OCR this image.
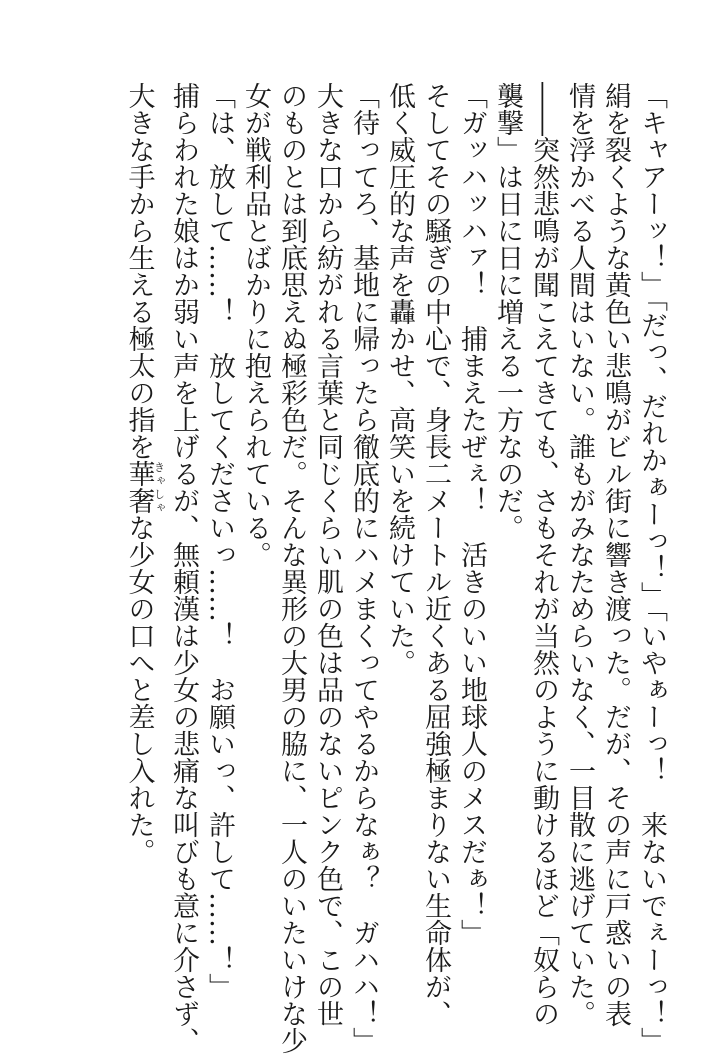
「キャアーッ！」「だっ、だれかぁーっ！」「いやぁーっ！　来ないでぇーっ！」
絹を裂くような黄色い悲鳴がビル街に響き渡った。だが、その声に戸惑いの表
情を浮かべる人間はいない。誰もがみなためらいなく、一目散に逃げていた。
――突然悲鳴が聞こえてきても、さもそれが当然のように動けるほど「奴らの
襲撃」は日に日に増える一方なのだ。
「ガッハッハァ！　捕まえたぜぇ！　活きのいい地球人のメスだぁ！」
そしてその騒ぎの中心で、身長二メートル近くある屈強極まりない生命体が、
低く威圧的な声を轟かせ、高笑いを続けていた。
「待ってろ、基地に帰ったら徹底的にハメまくってやるからなぁ？　ガハハ！」
大きな口から紡がれる言葉と同じくらい肌の色は品のないピンク色で、この世
のものとは到底思えぬ極彩色だ。そんな異形の大男の脇に、一人のいたいけな少
女が戦利品とばかりに抱えられている。
「は、放して……！　放してくださいっ……！　お願いっ、許して……！」
捕らわれた娘はか弱い声を上げるが、無頼漢は少女の悲痛な叫びも意に介さず、
大きな手から生える極太の指を華奢きゃしゃな少女の口へと差し入れた。
